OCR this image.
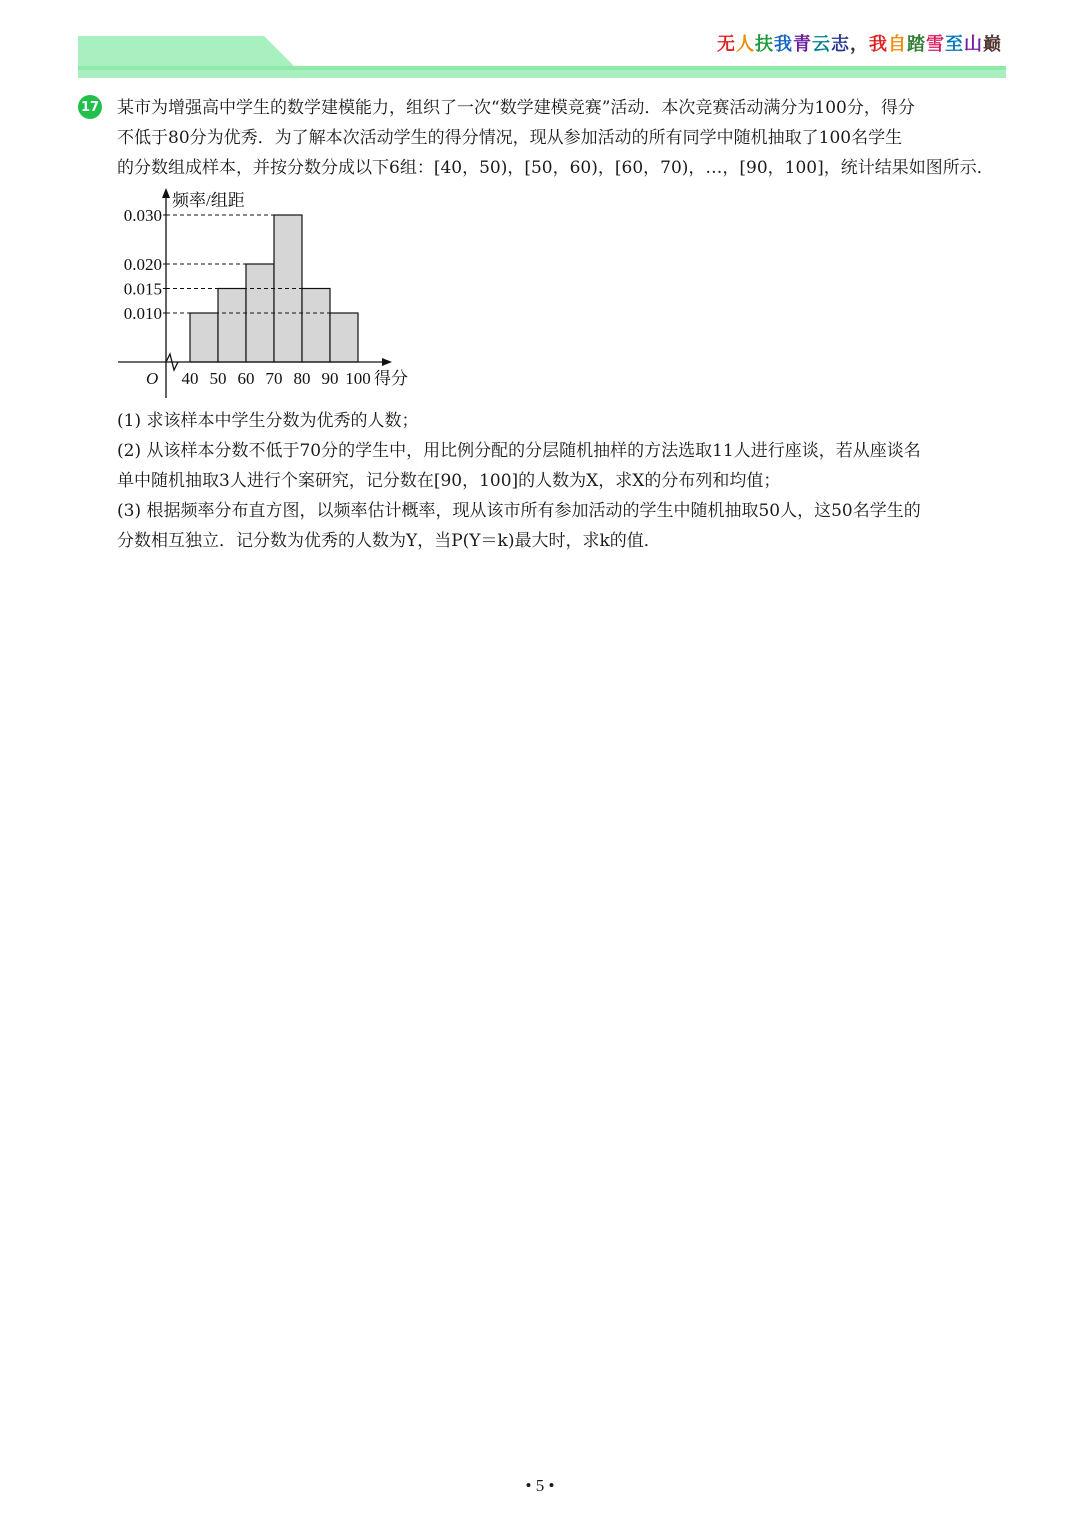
无人扶我青云志，我自踏雪至山巅
17 某市为增强高中学生的数学建模能力，组织了一次“数学建模竞赛”活动．本次竞赛活动满分为100分，得分

不低于80分为优秀．为了解本次活动学生的得分情况，现从参加活动的所有同学中随机抽取了100名学生

的分数组成样本，并按分数分成以下6组：[40，50)，[50，60)，[60，70)，…，[90，100]，统计结果如图所示．

0.010
0.015
0.020
0.030
频率/组距
O 40 50 60 70 80 90 100 得分

(1) 求该样本中学生分数为优秀的人数；

(2) 从该样本分数不低于70分的学生中，用比例分配的分层随机抽样的方法选取11人进行座谈，若从座谈名

单中随机抽取3人进行个案研究，记分数在[90，100]的人数为X，求X的分布列和均值；

(3) 根据频率分布直方图，以频率估计概率，现从该市所有参加活动的学生中随机抽取50人，这50名学生的

分数相互独立．记分数为优秀的人数为Y，当P(Y＝k)最大时，求k的值．

• 5 •
